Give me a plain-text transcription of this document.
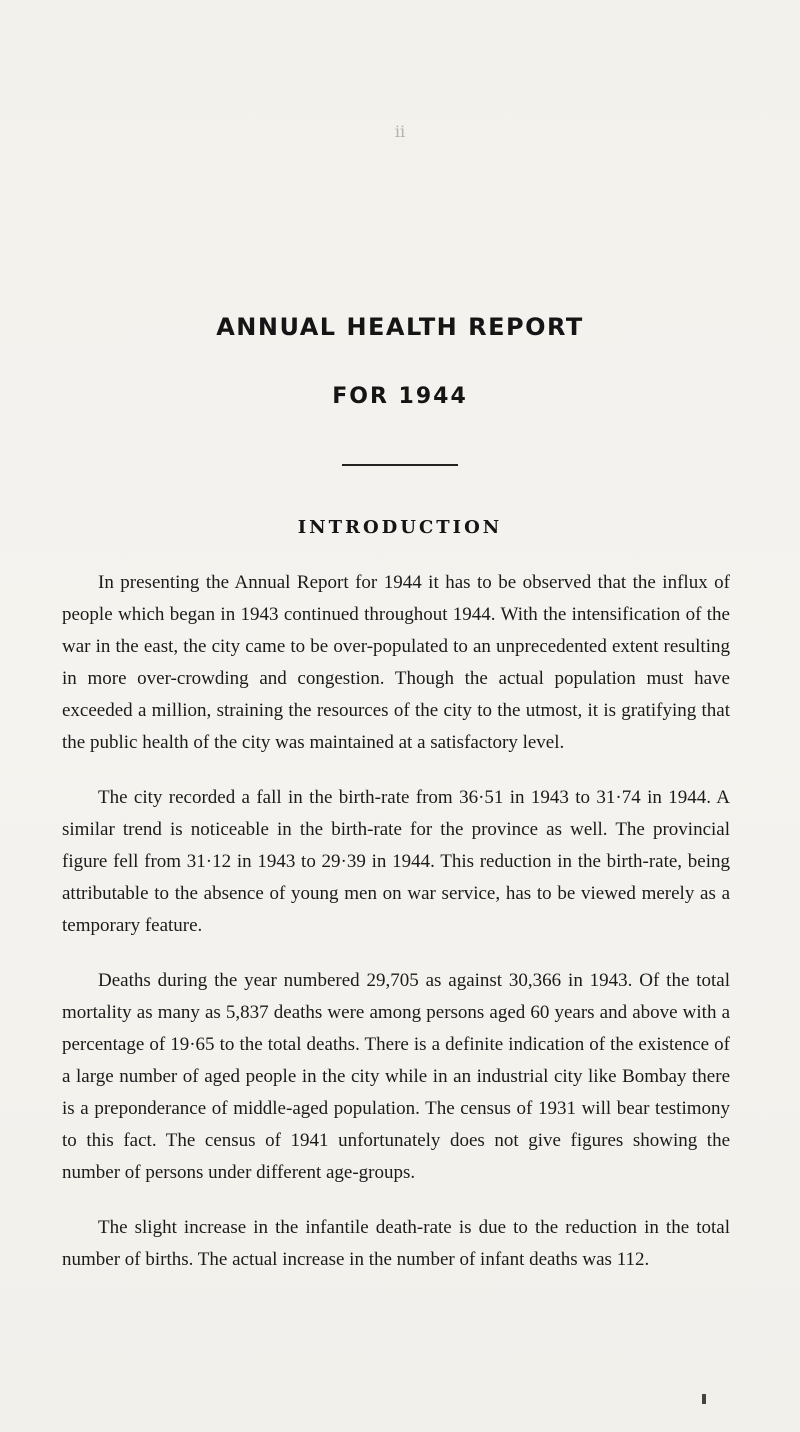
ii
ANNUAL HEALTH REPORT
FOR 1944
INTRODUCTION

In presenting the Annual Report for 1944 it has to be observed that the influx of people which began in 1943 continued throughout 1944. With the intensification of the war in the east, the city came to be over-populated to an unprecedented extent resulting in more over-crowding and congestion. Though the actual population must have exceeded a million, straining the resources of the city to the utmost, it is gratifying that the public health of the city was maintained at a satisfactory level.

The city recorded a fall in the birth-rate from 36·51 in 1943 to 31·74 in 1944. A similar trend is noticeable in the birth-rate for the province as well. The provincial figure fell from 31·12 in 1943 to 29·39 in 1944. This reduction in the birth-rate, being attributable to the absence of young men on war service, has to be viewed merely as a temporary feature.

Deaths during the year numbered 29,705 as against 30,366 in 1943. Of the total mortality as many as 5,837 deaths were among persons aged 60 years and above with a percentage of 19·65 to the total deaths. There is a definite indication of the existence of a large number of aged people in the city while in an industrial city like Bombay there is a preponderance of middle-aged population. The census of 1931 will bear testimony to this fact. The census of 1941 unfortunately does not give figures showing the number of persons under different age-groups.

The slight increase in the infantile death-rate is due to the reduction in the total number of births. The actual increase in the number of infant deaths was 112.
